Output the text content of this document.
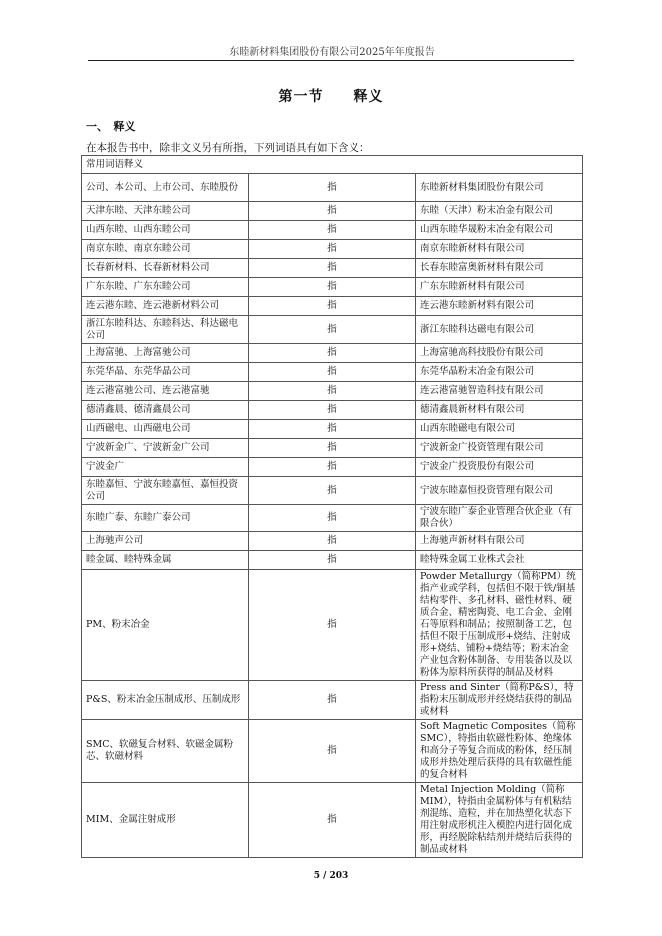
东睦新材料集团股份有限公司2025年年度报告
第一节　　释义
一、　释义
在本报告书中，除非文义另有所指，下列词语具有如下含义：
常用词语释义		
公司、本公司、上市公司、东睦股份	指	东睦新材料集团股份有限公司
天津东睦、天津东睦公司	指	东睦（天津）粉末冶金有限公司
山西东睦、山西东睦公司	指	山西东睦华晟粉末冶金有限公司
南京东睦、南京东睦公司	指	南京东睦新材料有限公司
长春新材料、长春新材料公司	指	长春东睦富奥新材料有限公司
广东东睦、广东东睦公司	指	广东东睦新材料有限公司
连云港东睦、连云港新材料公司	指	连云港东睦新材料有限公司
浙江东睦科达、东睦科达、科达磁电公司	指	浙江东睦科达磁电有限公司
上海富驰、上海富驰公司	指	上海富驰高科技股份有限公司
东莞华晶、东莞华晶公司	指	东莞华晶粉末冶金有限公司
连云港富驰公司、连云港富驰	指	连云港富驰智造科技有限公司
德清鑫晨、德清鑫晨公司	指	德清鑫晨新材料有限公司
山西磁电、山西磁电公司	指	山西东睦磁电有限公司
宁波新金广、宁波新金广公司	指	宁波新金广投资管理有限公司
宁波金广	指	宁波金广投资股份有限公司
东睦嘉恒、宁波东睦嘉恒、嘉恒投资公司	指	宁波东睦嘉恒投资管理有限公司
东睦广泰、东睦广泰公司	指	宁波东睦广泰企业管理合伙企业（有限合伙）
上海驰声公司	指	上海驰声新材料有限公司
睦金属、睦特殊金属	指	睦特殊金属工业株式会社
PM、粉末冶金	指	Powder Metallurgy（简称PM）统指产业或学科，包括但不限于铁/铜基结构零件、多孔材料、磁性材料、硬质合金、精密陶瓷、电工合金、金刚石等原料和制品；按照制备工艺，包括但不限于压制成形+烧结、注射成形+烧结、铺粉+烧结等；粉末冶金产业包含粉体制备、专用装备以及以粉体为原料所获得的制品及材料
P&S、粉末冶金压制成形、压制成形	指	Press and Sinter（简称P&S），特指粉末压制成形并经烧结获得的制品或材料
SMC、软磁复合材料、软磁金属粉芯、软磁材料	指	Soft Magnetic Composites（简称SMC），特指由软磁性粉体、绝缘体和高分子等复合而成的粉体，经压制成形并热处理后获得的具有软磁性能的复合材料
MIM、金属注射成形	指	Metal Injection Molding（简称MIM），特指由金属粉体与有机粘结剂混练、造粒，并在加热塑化状态下用注射成形机注入模腔内进行固化成形，再经脱除粘结剂并烧结后获得的制品或材料
5 / 203
